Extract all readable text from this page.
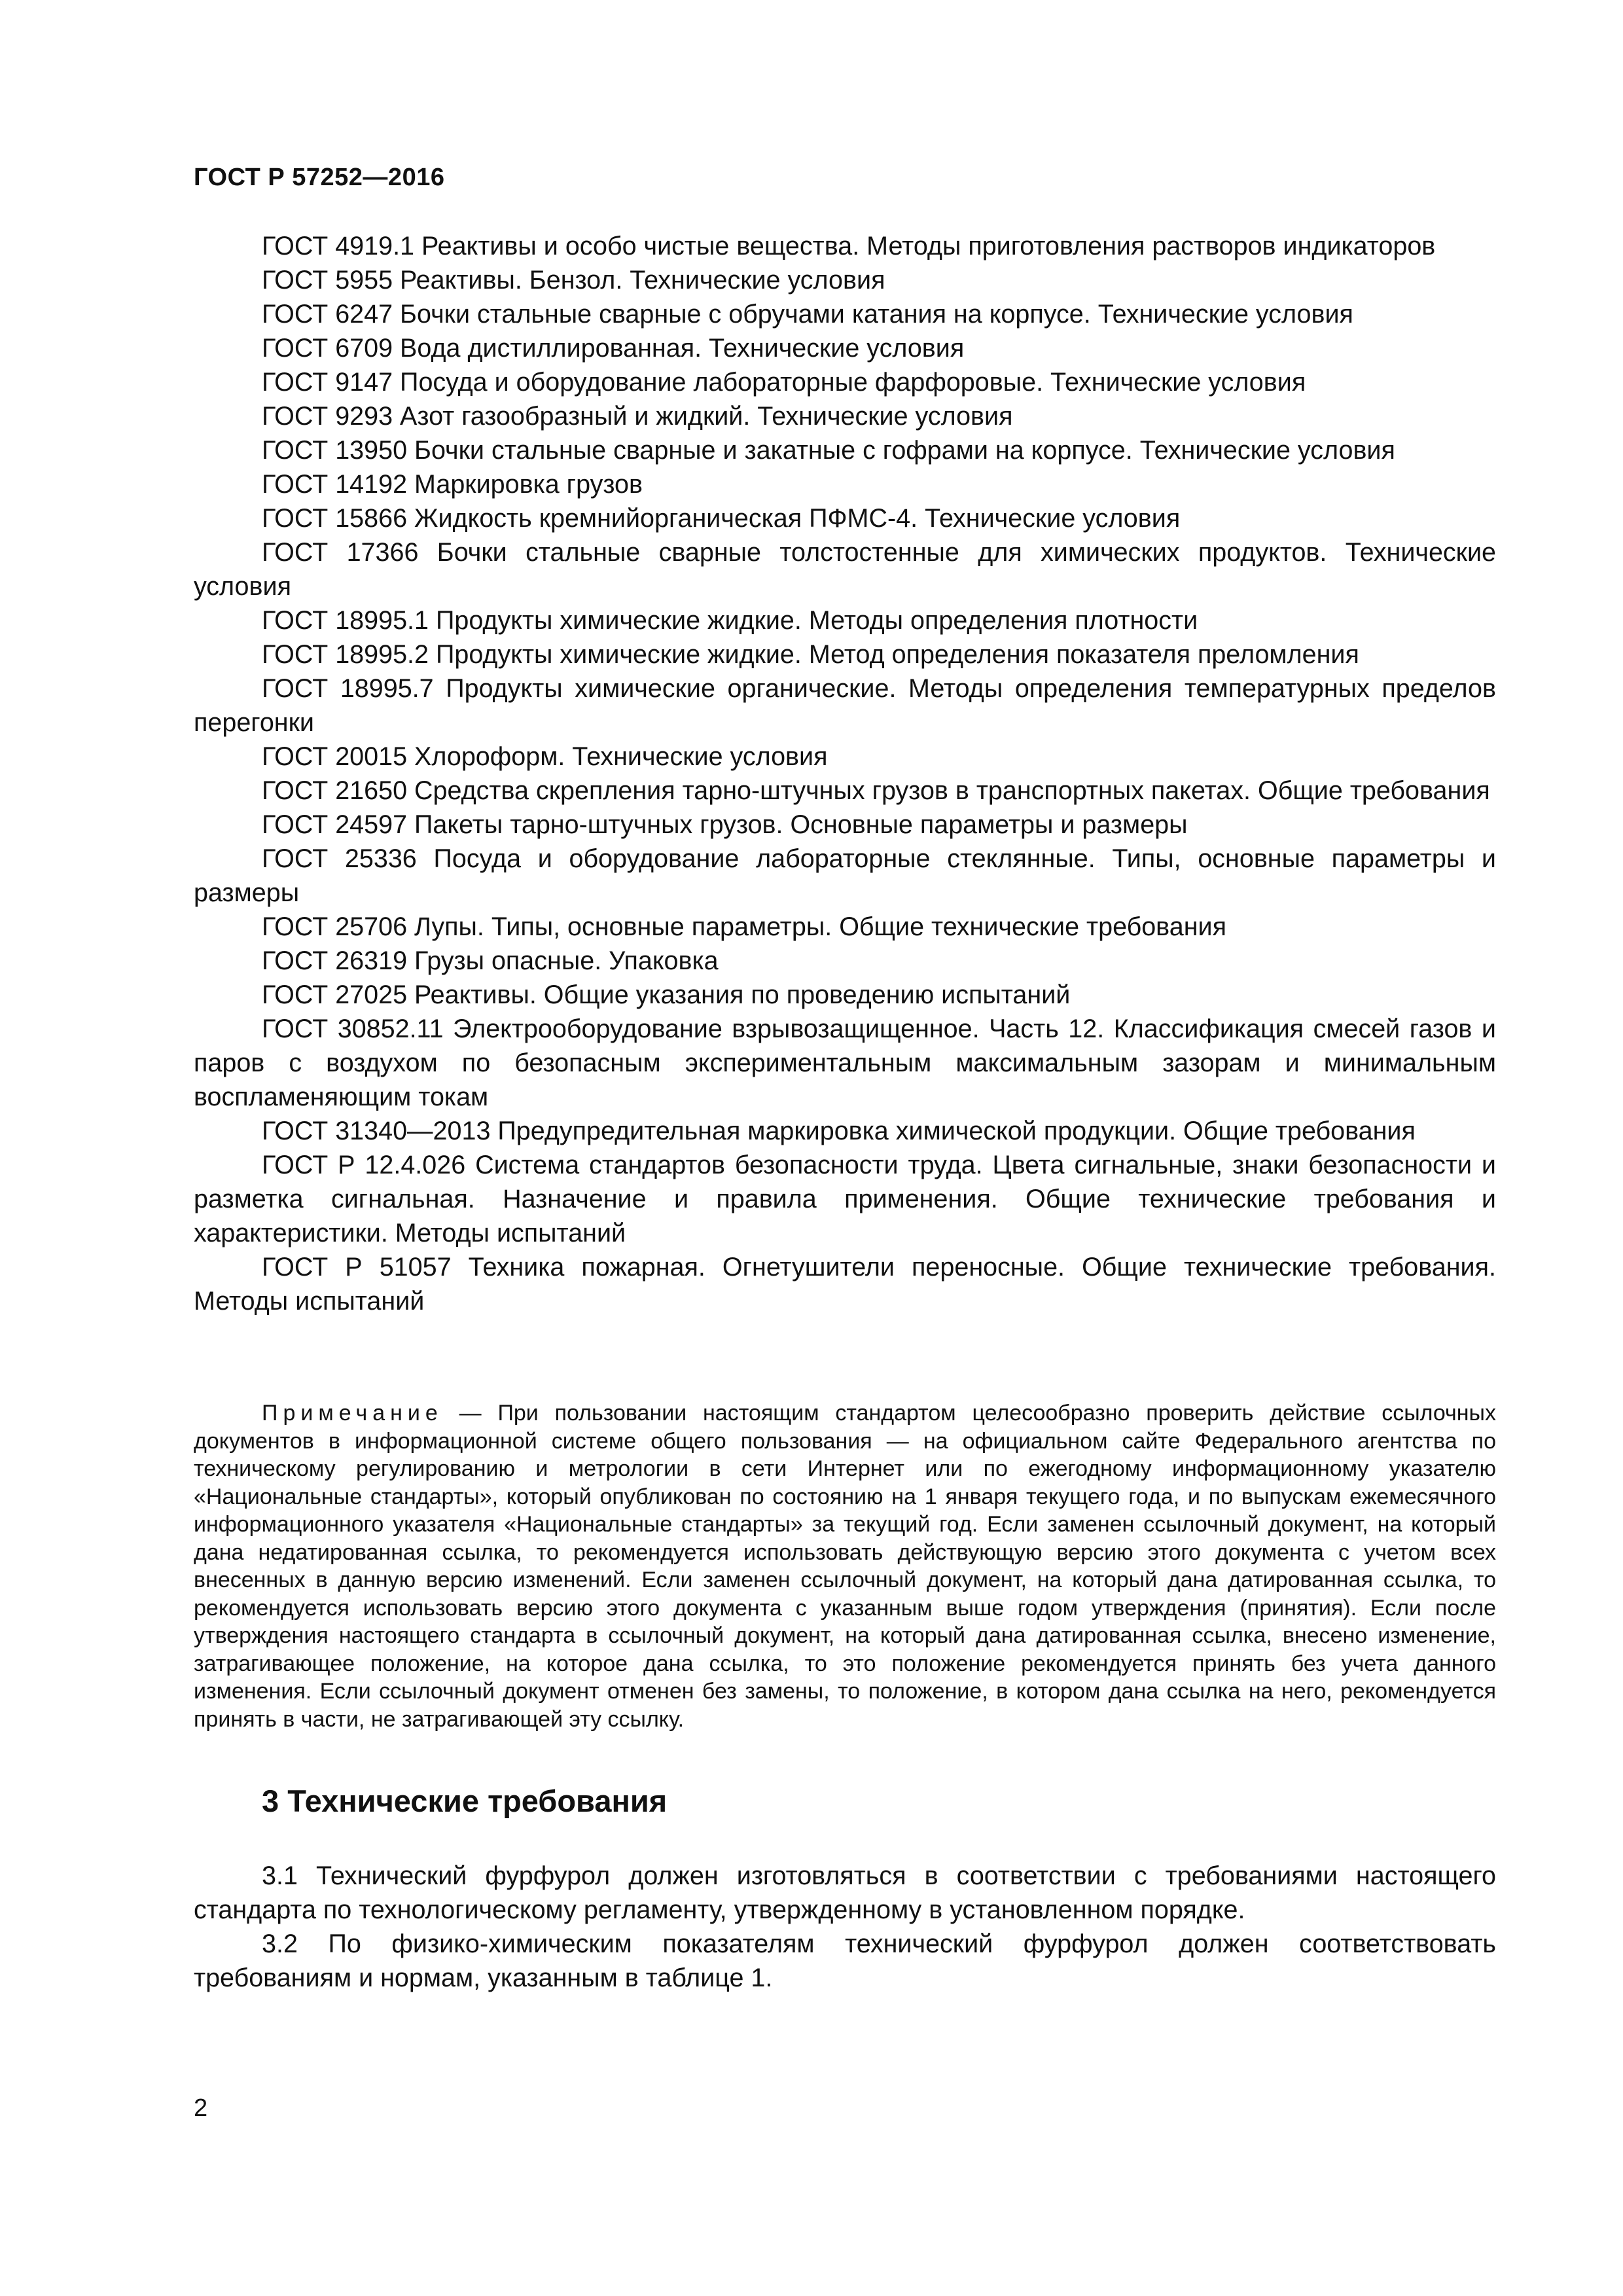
ГОСТ Р 57252—2016

ГОСТ 4919.1 Реактивы и особо чистые вещества. Методы приготовления растворов индикаторов

ГОСТ 5955 Реактивы. Бензол. Технические условия

ГОСТ 6247 Бочки стальные сварные с обручами катания на корпусе. Технические условия

ГОСТ 6709 Вода дистиллированная. Технические условия

ГОСТ 9147 Посуда и оборудование лабораторные фарфоровые. Технические условия

ГОСТ 9293 Азот газообразный и жидкий. Технические условия

ГОСТ 13950 Бочки стальные сварные и закатные с гофрами на корпусе. Технические условия

ГОСТ 14192 Маркировка грузов

ГОСТ 15866 Жидкость кремнийорганическая ПФМС-4. Технические условия

ГОСТ 17366 Бочки стальные сварные толстостенные для химических продуктов. Технические условия

ГОСТ 18995.1 Продукты химические жидкие. Методы определения плотности

ГОСТ 18995.2 Продукты химические жидкие. Метод определения показателя преломления

ГОСТ 18995.7 Продукты химические органические. Методы определения температурных пределов перегонки

ГОСТ 20015 Хлороформ. Технические условия

ГОСТ 21650 Средства скрепления тарно-штучных грузов в транспортных пакетах. Общие требования

ГОСТ 24597 Пакеты тарно-штучных грузов. Основные параметры и размеры

ГОСТ 25336 Посуда и оборудование лабораторные стеклянные. Типы, основные параметры и размеры

ГОСТ 25706 Лупы. Типы, основные параметры. Общие технические требования

ГОСТ 26319 Грузы опасные. Упаковка

ГОСТ 27025 Реактивы. Общие указания по проведению испытаний

ГОСТ 30852.11 Электрооборудование взрывозащищенное. Часть 12. Классификация смесей газов и паров с воздухом по безопасным экспериментальным максимальным зазорам и минимальным воспламеняющим токам

ГОСТ 31340—2013 Предупредительная маркировка химической продукции. Общие требования

ГОСТ Р 12.4.026 Система стандартов безопасности труда. Цвета сигнальные, знаки безопасности и разметка сигнальная. Назначение и правила применения. Общие технические требования и характеристики. Методы испытаний

ГОСТ Р 51057 Техника пожарная. Огнетушители переносные. Общие технические требования. Методы испытаний

Примечание — При пользовании настоящим стандартом целесообразно проверить действие ссылочных документов в информационной системе общего пользования — на официальном сайте Федерального агентства по техническому регулированию и метрологии в сети Интернет или по ежегодному информационному указателю «Национальные стандарты», который опубликован по состоянию на 1 января текущего года, и по выпускам ежемесячного информационного указателя «Национальные стандарты» за текущий год. Если заменен ссылочный документ, на который дана недатированная ссылка, то рекомендуется использовать действующую версию этого документа с учетом всех внесенных в данную версию изменений. Если заменен ссылочный документ, на который дана датированная ссылка, то рекомендуется использовать версию этого документа с указанным выше годом утверждения (принятия). Если после утверждения настоящего стандарта в ссылочный документ, на который дана датированная ссылка, внесено изменение, затрагивающее положение, на которое дана ссылка, то это положение рекомендуется принять без учета данного изменения. Если ссылочный документ отменен без замены, то положение, в котором дана ссылка на него, рекомендуется принять в части, не затрагивающей эту ссылку.

3 Технические требования

3.1 Технический фурфурол должен изготовляться в соответствии с требованиями настоящего стандарта по технологическому регламенту, утвержденному в установленном порядке.

3.2 По физико-химическим показателям технический фурфурол должен соответствовать требованиям и нормам, указанным в таблице 1.

2
